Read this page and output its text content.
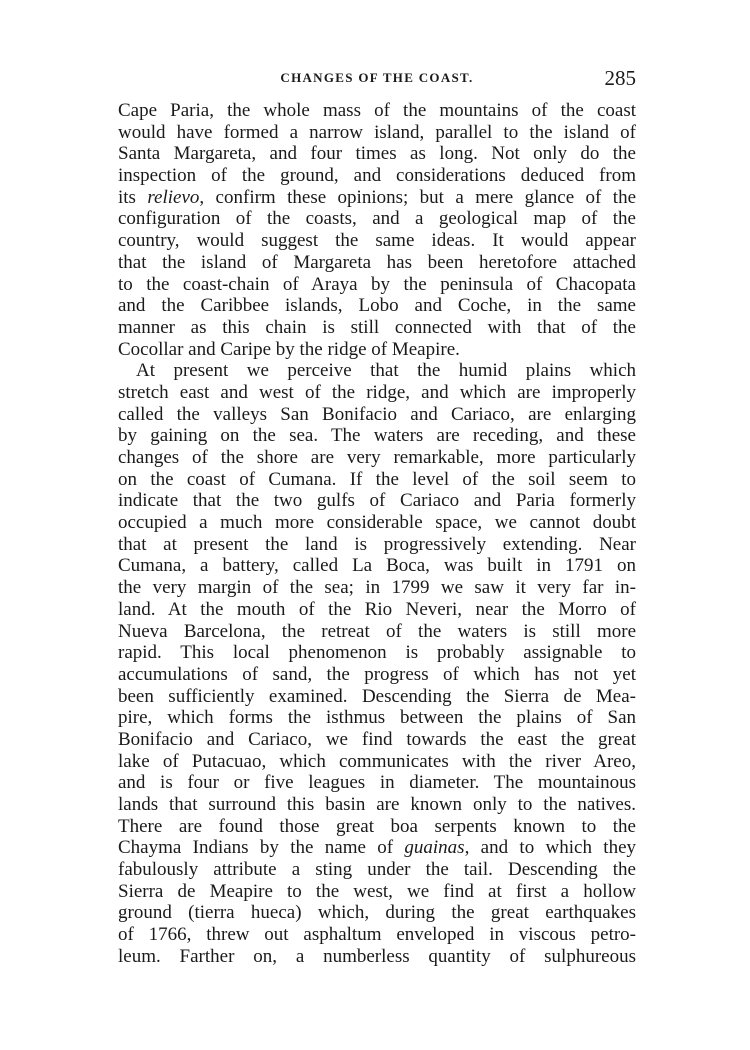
CHANGES OF THE COAST.	285
Cape Paria, the whole mass of the mountains of the coast
would have formed a narrow island, parallel to the island of
Santa Margareta, and four times as long. Not only do the
inspection of the ground, and considerations deduced from
its relievo, confirm these opinions; but a mere glance of the
configuration of the coasts, and a geological map of the
country, would suggest the same ideas. It would appear
that the island of Margareta has been heretofore attached
to the coast-chain of Araya by the peninsula of Chacopata
and the Caribbee islands, Lobo and Coche, in the same
manner as this chain is still connected with that of the
Cocollar and Caripe by the ridge of Meapire.
At present we perceive that the humid plains which
stretch east and west of the ridge, and which are improperly
called the valleys San Bonifacio and Cariaco, are enlarging
by gaining on the sea. The waters are receding, and these
changes of the shore are very remarkable, more particularly
on the coast of Cumana. If the level of the soil seem to
indicate that the two gulfs of Cariaco and Paria formerly
occupied a much more considerable space, we cannot doubt
that at present the land is progressively extending. Near
Cumana, a battery, called La Boca, was built in 1791 on
the very margin of the sea; in 1799 we saw it very far in-
land. At the mouth of the Rio Neveri, near the Morro of
Nueva Barcelona, the retreat of the waters is still more
rapid. This local phenomenon is probably assignable to
accumulations of sand, the progress of which has not yet
been sufficiently examined. Descending the Sierra de Mea-
pire, which forms the isthmus between the plains of San
Bonifacio and Cariaco, we find towards the east the great
lake of Putacuao, which communicates with the river Areo,
and is four or five leagues in diameter. The mountainous
lands that surround this basin are known only to the natives.
There are found those great boa serpents known to the
Chayma Indians by the name of guainas, and to which they
fabulously attribute a sting under the tail. Descending the
Sierra de Meapire to the west, we find at first a hollow
ground (tierra hueca) which, during the great earthquakes
of 1766, threw out asphaltum enveloped in viscous petro-
leum. Farther on, a numberless quantity of sulphureous
